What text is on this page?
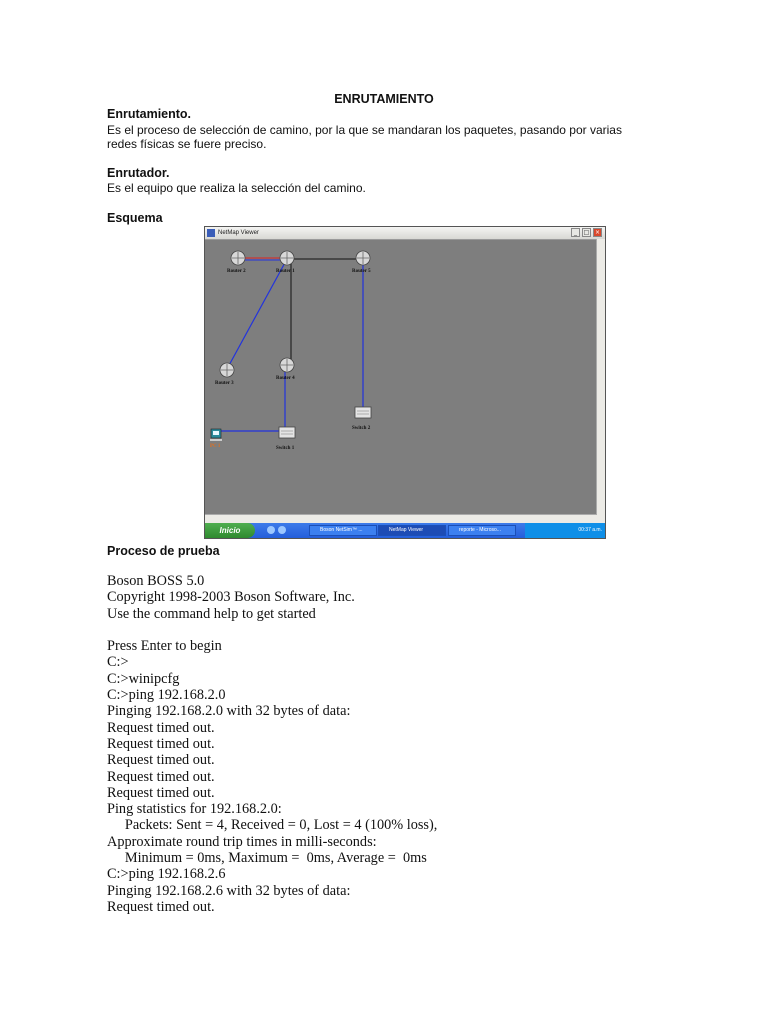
ENRUTAMIENTO
Enrutamiento.
Es el proceso de selección de camino, por la que se mandaran los paquetes, pasando por varias
redes físicas se fuere preciso.
Enrutador.
Es el equipo que realiza la selección del camino.
Esquema
NetMap Viewer	_	□ ×
Router 2	Router 1	Router 5
Router 3
Router 4
Switch 2
Switch 1
PC 1
Inicio	Boson NetSim™ ...	NetMap Viewer	reporte - Microso...	00:37 a.m.
Proceso de prueba
Boson BOSS 5.0
Copyright 1998-2003 Boson Software, Inc.
Use the command help to get started
Press Enter to begin
C:>
C:>winipcfg
C:>ping 192.168.2.0
Pinging 192.168.2.0 with 32 bytes of data:
Request timed out.
Request timed out.
Request timed out.
Request timed out.
Request timed out.
Ping statistics for 192.168.2.0:
Packets: Sent = 4, Received = 0, Lost = 4 (100% loss),
Approximate round trip times in milli-seconds:
Minimum = 0ms, Maximum =  0ms, Average =  0ms
C:>ping 192.168.2.6
Pinging 192.168.2.6 with 32 bytes of data:
Request timed out.
